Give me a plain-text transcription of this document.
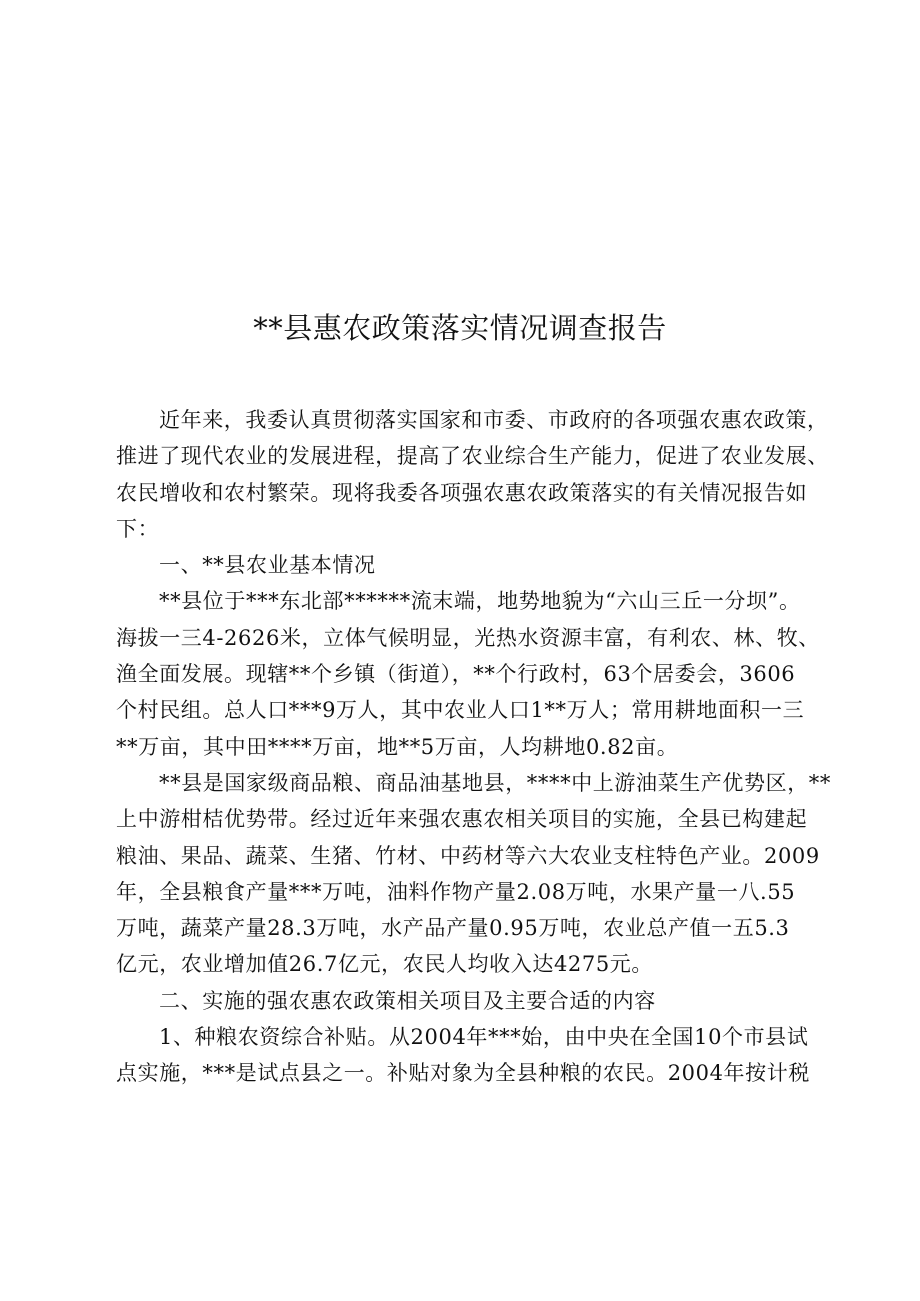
**县惠农政策落实情况调查报告
近年来，我委认真贯彻落实国家和市委、市政府的各项强农惠农政策，
推进了现代农业的发展进程，提高了农业综合生产能力，促进了农业发展、
农民增收和农村繁荣。现将我委各项强农惠农政策落实的有关情况报告如
下：
一、**县农业基本情况
**县位于***东北部******流末端，地势地貌为“六山三丘一分坝”。
海拔一三4-2626米，立体气候明显，光热水资源丰富，有利农、林、牧、
渔全面发展。现辖**个乡镇（街道），**个行政村，63个居委会，3606
个村民组。总人口***9万人，其中农业人口1**万人；常用耕地面积一三
**万亩，其中田****万亩，地**5万亩，人均耕地0.82亩。
**县是国家级商品粮、商品油基地县，****中上游油菜生产优势区，**
上中游柑桔优势带。经过近年来强农惠农相关项目的实施，全县已构建起
粮油、果品、蔬菜、生猪、竹材、中药材等六大农业支柱特色产业。2009
年，全县粮食产量***万吨，油料作物产量2.08万吨，水果产量一八.55
万吨，蔬菜产量28.3万吨，水产品产量0.95万吨，农业总产值一五5.3
亿元，农业增加值26.7亿元，农民人均收入达4275元。
二、实施的强农惠农政策相关项目及主要合适的内容
1、种粮农资综合补贴。从2004年***始，由中央在全国10个市县试
点实施，***是试点县之一。补贴对象为全县种粮的农民。2004年按计税
